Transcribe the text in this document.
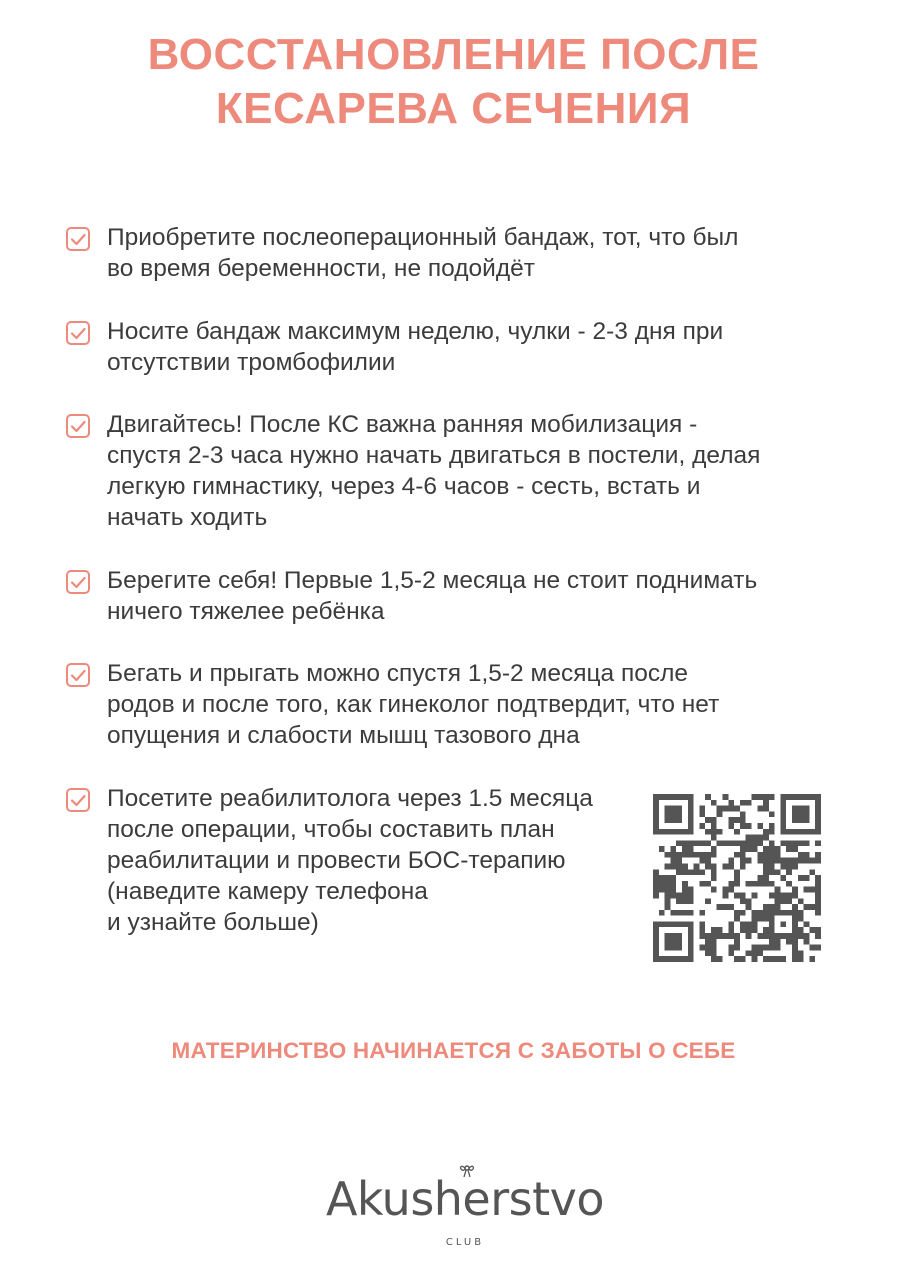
ВОССТАНОВЛЕНИЕ ПОСЛЕ
КЕСАРЕВА СЕЧЕНИЯ
Приобретите послеоперационный бандаж, тот, что был
во время беременности, не подойдёт
Носите бандаж максимум неделю, чулки - 2-3 дня при
отсутствии тромбофилии
Двигайтесь! После КС важна ранняя мобилизация -
спустя 2-3 часа нужно начать двигаться в постели, делая
легкую гимнастику, через 4-6 часов - сесть, встать и
начать ходить
Берегите себя! Первые 1,5-2 месяца не стоит поднимать
ничего тяжелее ребёнка
Бегать и прыгать можно спустя 1,5-2 месяца после
родов и после того, как гинеколог подтвердит, что нет
опущения и слабости мышц тазового дна
Посетите реабилитолога через 1.5 месяца
после операции, чтобы составить план
реабилитации и провести БОС-терапию
(наведите камеру телефона
и узнайте больше)
МАТЕРИНСТВО НАЧИНАЕТСЯ С ЗАБОТЫ О СЕБЕ
Akusherstvo
CLUB
